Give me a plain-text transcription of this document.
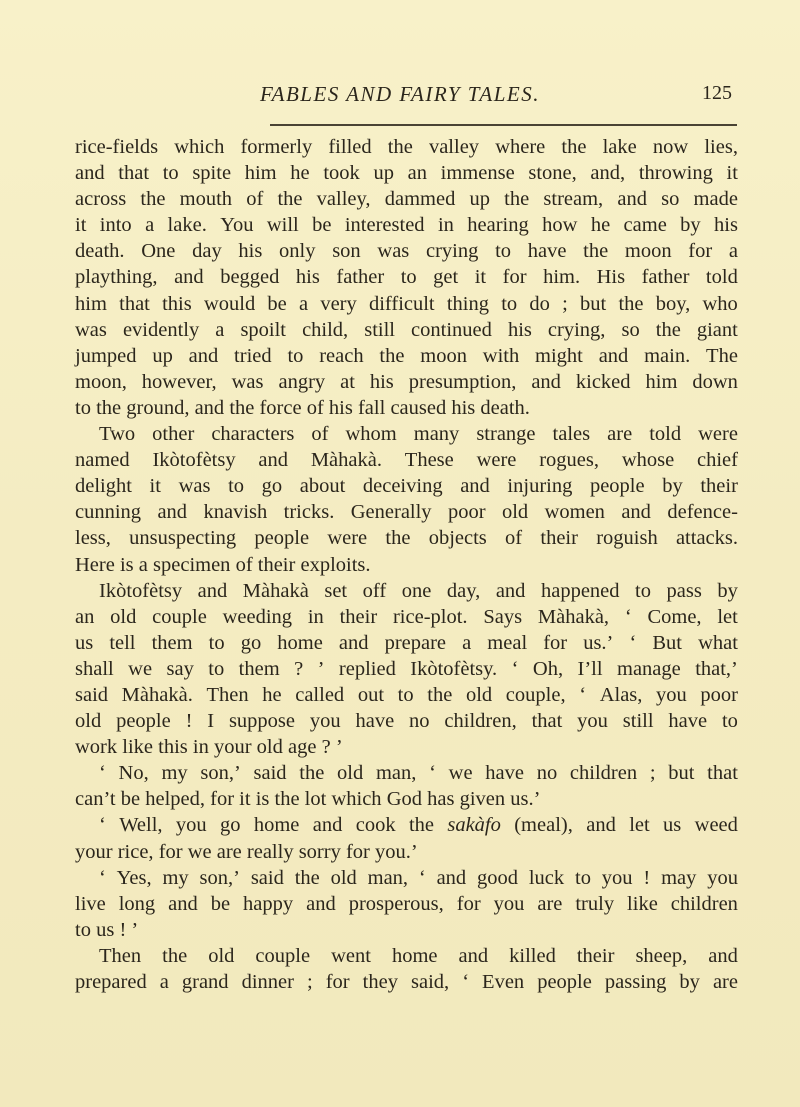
FABLES AND FAIRY TALES.	125
rice-fields which formerly filled the valley where the lake now lies,
and that to spite him he took up an immense stone, and, throwing it
across the mouth of the valley, dammed up the stream, and so made
it into a lake. You will be interested in hearing how he came by his
death. One day his only son was crying to have the moon for a
plaything, and begged his father to get it for him. His father told
him that this would be a very difficult thing to do ; but the boy, who
was evidently a spoilt child, still continued his crying, so the giant
jumped up and tried to reach the moon with might and main. The
moon, however, was angry at his presumption, and kicked him down
to the ground, and the force of his fall caused his death.
Two other characters of whom many strange tales are told were
named Ikòtofètsy and Màhakà. These were rogues, whose chief
delight it was to go about deceiving and injuring people by their
cunning and knavish tricks. Generally poor old women and defence-
less, unsuspecting people were the objects of their roguish attacks.
Here is a specimen of their exploits.
Ikòtofètsy and Màhakà set off one day, and happened to pass by
an old couple weeding in their rice-plot. Says Màhakà, ‘ Come, let
us tell them to go home and prepare a meal for us.’ ‘ But what
shall we say to them ? ’ replied Ikòtofètsy. ‘ Oh, I’ll manage that,’
said Màhakà. Then he called out to the old couple, ‘ Alas, you poor
old people ! I suppose you have no children, that you still have to
work like this in your old age ? ’
‘ No, my son,’ said the old man, ‘ we have no children ; but that
can’t be helped, for it is the lot which God has given us.’
‘ Well, you go home and cook the sakàfo (meal), and let us weed
your rice, for we are really sorry for you.’
‘ Yes, my son,’ said the old man, ‘ and good luck to you ! may you
live long and be happy and prosperous, for you are truly like children
to us ! ’
Then the old couple went home and killed their sheep, and
prepared a grand dinner ; for they said, ‘ Even people passing by are
